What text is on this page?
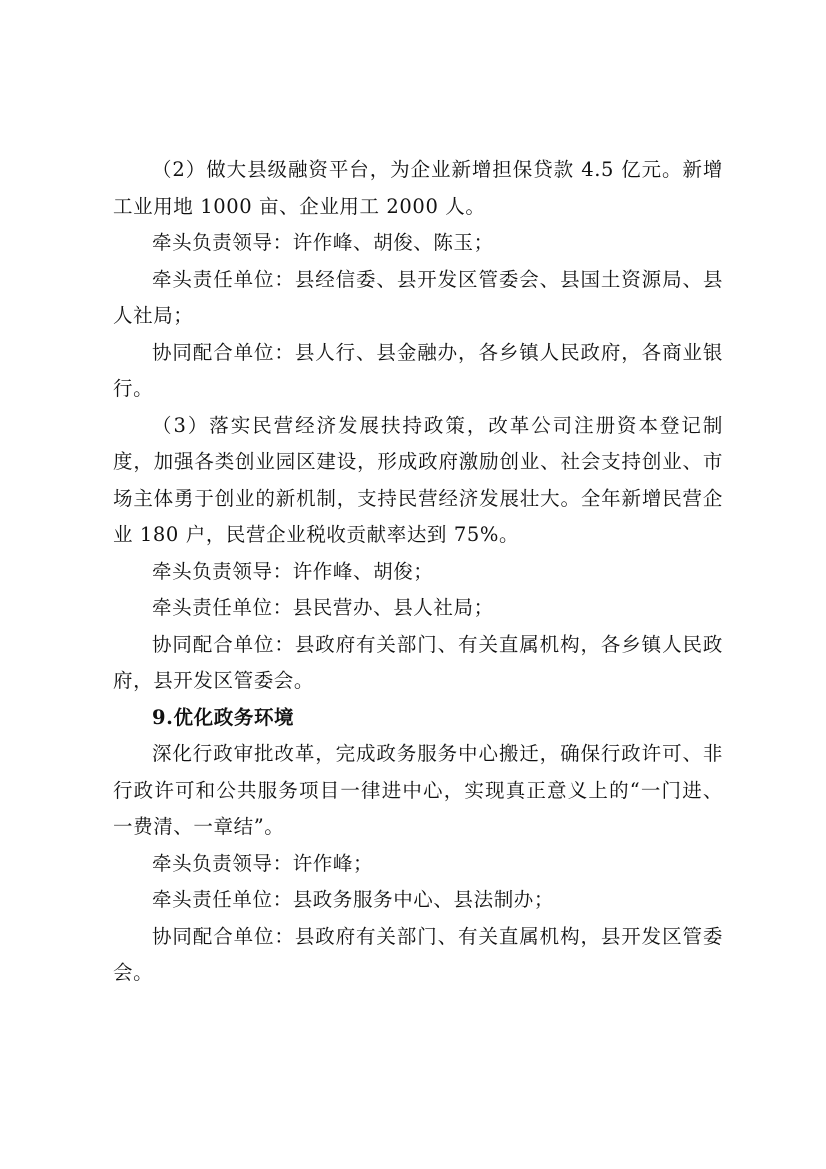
（2）做大县级融资平台，为企业新增担保贷款 4.5 亿元。新增工业用地 1000 亩、企业用工 2000 人。

牵头负责领导：许作峰、胡俊、陈玉；

牵头责任单位：县经信委、县开发区管委会、县国土资源局、县人社局；

协同配合单位：县人行、县金融办，各乡镇人民政府，各商业银行。

（3）落实民营经济发展扶持政策，改革公司注册资本登记制度，加强各类创业园区建设，形成政府激励创业、社会支持创业、市场主体勇于创业的新机制，支持民营经济发展壮大。全年新增民营企业 180 户，民营企业税收贡献率达到 75%。

牵头负责领导：许作峰、胡俊；

牵头责任单位：县民营办、县人社局；

协同配合单位：县政府有关部门、有关直属机构，各乡镇人民政府，县开发区管委会。

9.优化政务环境

深化行政审批改革，完成政务服务中心搬迁，确保行政许可、非行政许可和公共服务项目一律进中心，实现真正意义上的“一门进、一费清、一章结”。

牵头负责领导：许作峰；

牵头责任单位：县政务服务中心、县法制办；

协同配合单位：县政府有关部门、有关直属机构，县开发区管委会。
